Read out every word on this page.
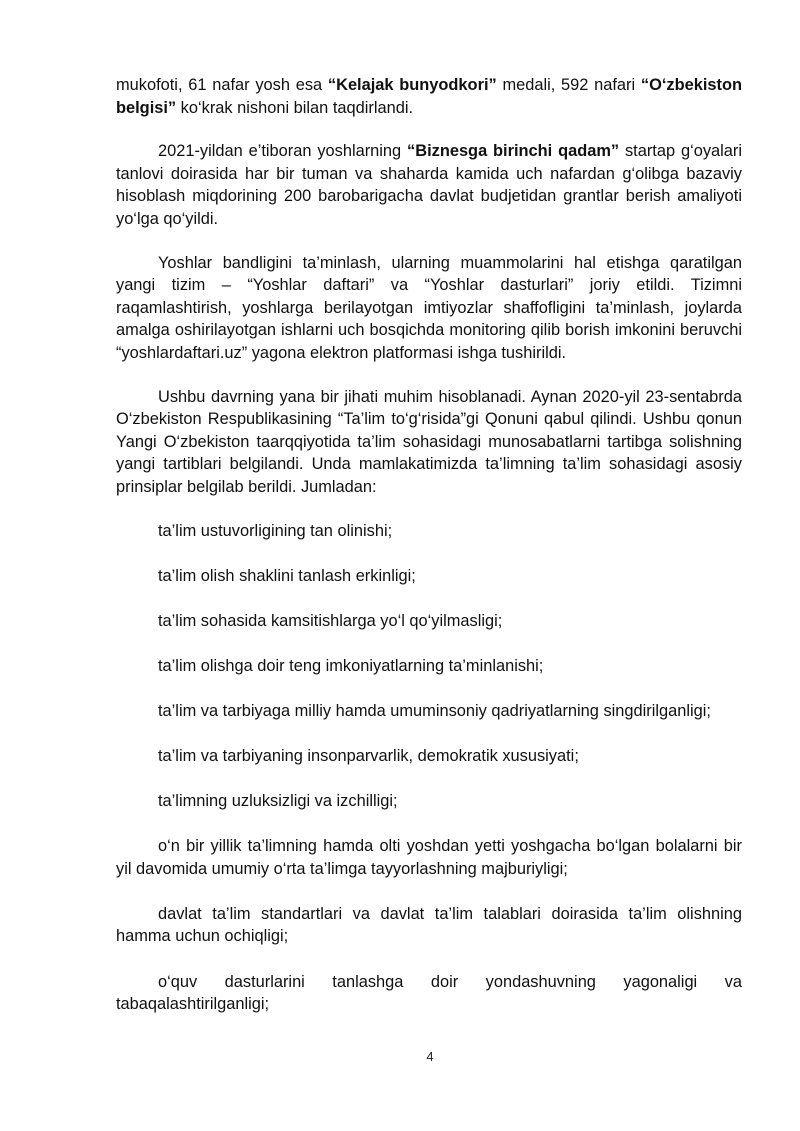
mukofoti, 61 nafar yosh esa “Kelajak bunyodkori” medali, 592 nafari “O‘zbekiston belgisi” ko‘krak nishoni bilan taqdirlandi.

2021-yildan e’tiboran yoshlarning “Biznesga birinchi qadam” startap g‘oyalari tanlovi doirasida har bir tuman va shaharda kamida uch nafardan g‘olibga bazaviy hisoblash miqdorining 200 barobarigacha davlat budjetidan grantlar berish amaliyoti yo‘lga qo‘yildi.

Yoshlar bandligini ta’minlash, ularning muammolarini hal etishga qaratilgan yangi tizim – “Yoshlar daftari” va “Yoshlar dasturlari” joriy etildi. Tizimni raqamlashtirish, yoshlarga berilayotgan imtiyozlar shaffofligini ta’minlash, joylarda amalga oshirilayotgan ishlarni uch bosqichda monitoring qilib borish imkonini beruvchi “yoshlardaftari.uz” yagona elektron platformasi ishga tushirildi.

Ushbu davrning yana bir jihati muhim hisoblanadi. Aynan 2020-yil 23-sentabrda O‘zbekiston Respublikasining “Ta’lim to‘g‘risida”gi Qonuni qabul qilindi. Ushbu qonun Yangi O‘zbekiston taarqqiyotida ta’lim sohasidagi munosabatlarni tartibga solishning yangi tartiblari belgilandi. Unda mamlakatimizda ta’limning ta’lim sohasidagi asosiy prinsiplar belgilab berildi. Jumladan:

ta’lim ustuvorligining tan olinishi;

ta’lim olish shaklini tanlash erkinligi;

ta’lim sohasida kamsitishlarga yo‘l qo‘yilmasligi;

ta’lim olishga doir teng imkoniyatlarning ta’minlanishi;

ta’lim va tarbiyaga milliy hamda umuminsoniy qadriyatlarning singdirilganligi;

ta’lim va tarbiyaning insonparvarlik, demokratik xususiyati;

ta’limning uzluksizligi va izchilligi;

o‘n bir yillik ta’limning hamda olti yoshdan yetti yoshgacha bo‘lgan bolalarni bir yil davomida umumiy o‘rta ta’limga tayyorlashning majburiyligi;

davlat ta’lim standartlari va davlat ta’lim talablari doirasida ta’lim olishning hamma uchun ochiqligi;

o‘quv dasturlarini tanlashga doir yondashuvning yagonaligi va tabaqalashtirilganligi;

4
